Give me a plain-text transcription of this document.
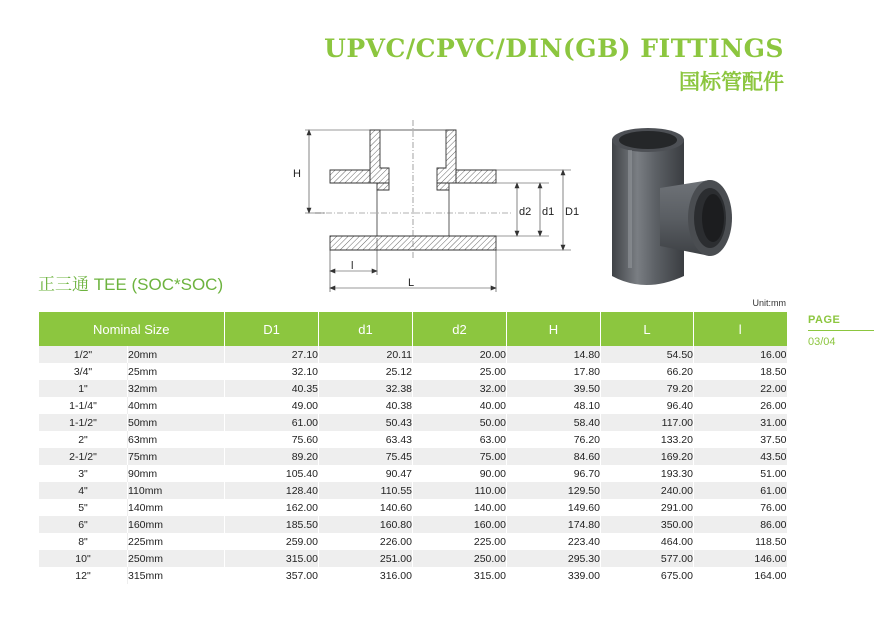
UPVC/CPVC/DIN(GB) FITTINGS
国标管配件
H
d2 d1 D1
l
L
正三通 TEE (SOC*SOC)
Unit:mm
PAGE
03/04
Nominal Size		D1	d1	d2	H	L	l
1/2"	20mm	27.10	20.11	20.00	14.80	54.50	16.00
3/4"	25mm	32.10	25.12	25.00	17.80	66.20	18.50
1"	32mm	40.35	32.38	32.00	39.50	79.20	22.00
1-1/4"	40mm	49.00	40.38	40.00	48.10	96.40	26.00
1-1/2"	50mm	61.00	50.43	50.00	58.40	117.00	31.00
2"	63mm	75.60	63.43	63.00	76.20	133.20	37.50
2-1/2"	75mm	89.20	75.45	75.00	84.60	169.20	43.50
3"	90mm	105.40	90.47	90.00	96.70	193.30	51.00
4"	110mm	128.40	110.55	110.00	129.50	240.00	61.00
5"	140mm	162.00	140.60	140.00	149.60	291.00	76.00
6"	160mm	185.50	160.80	160.00	174.80	350.00	86.00
8"	225mm	259.00	226.00	225.00	223.40	464.00	118.50
10"	250mm	315.00	251.00	250.00	295.30	577.00	146.00
12"	315mm	357.00	316.00	315.00	339.00	675.00	164.00
